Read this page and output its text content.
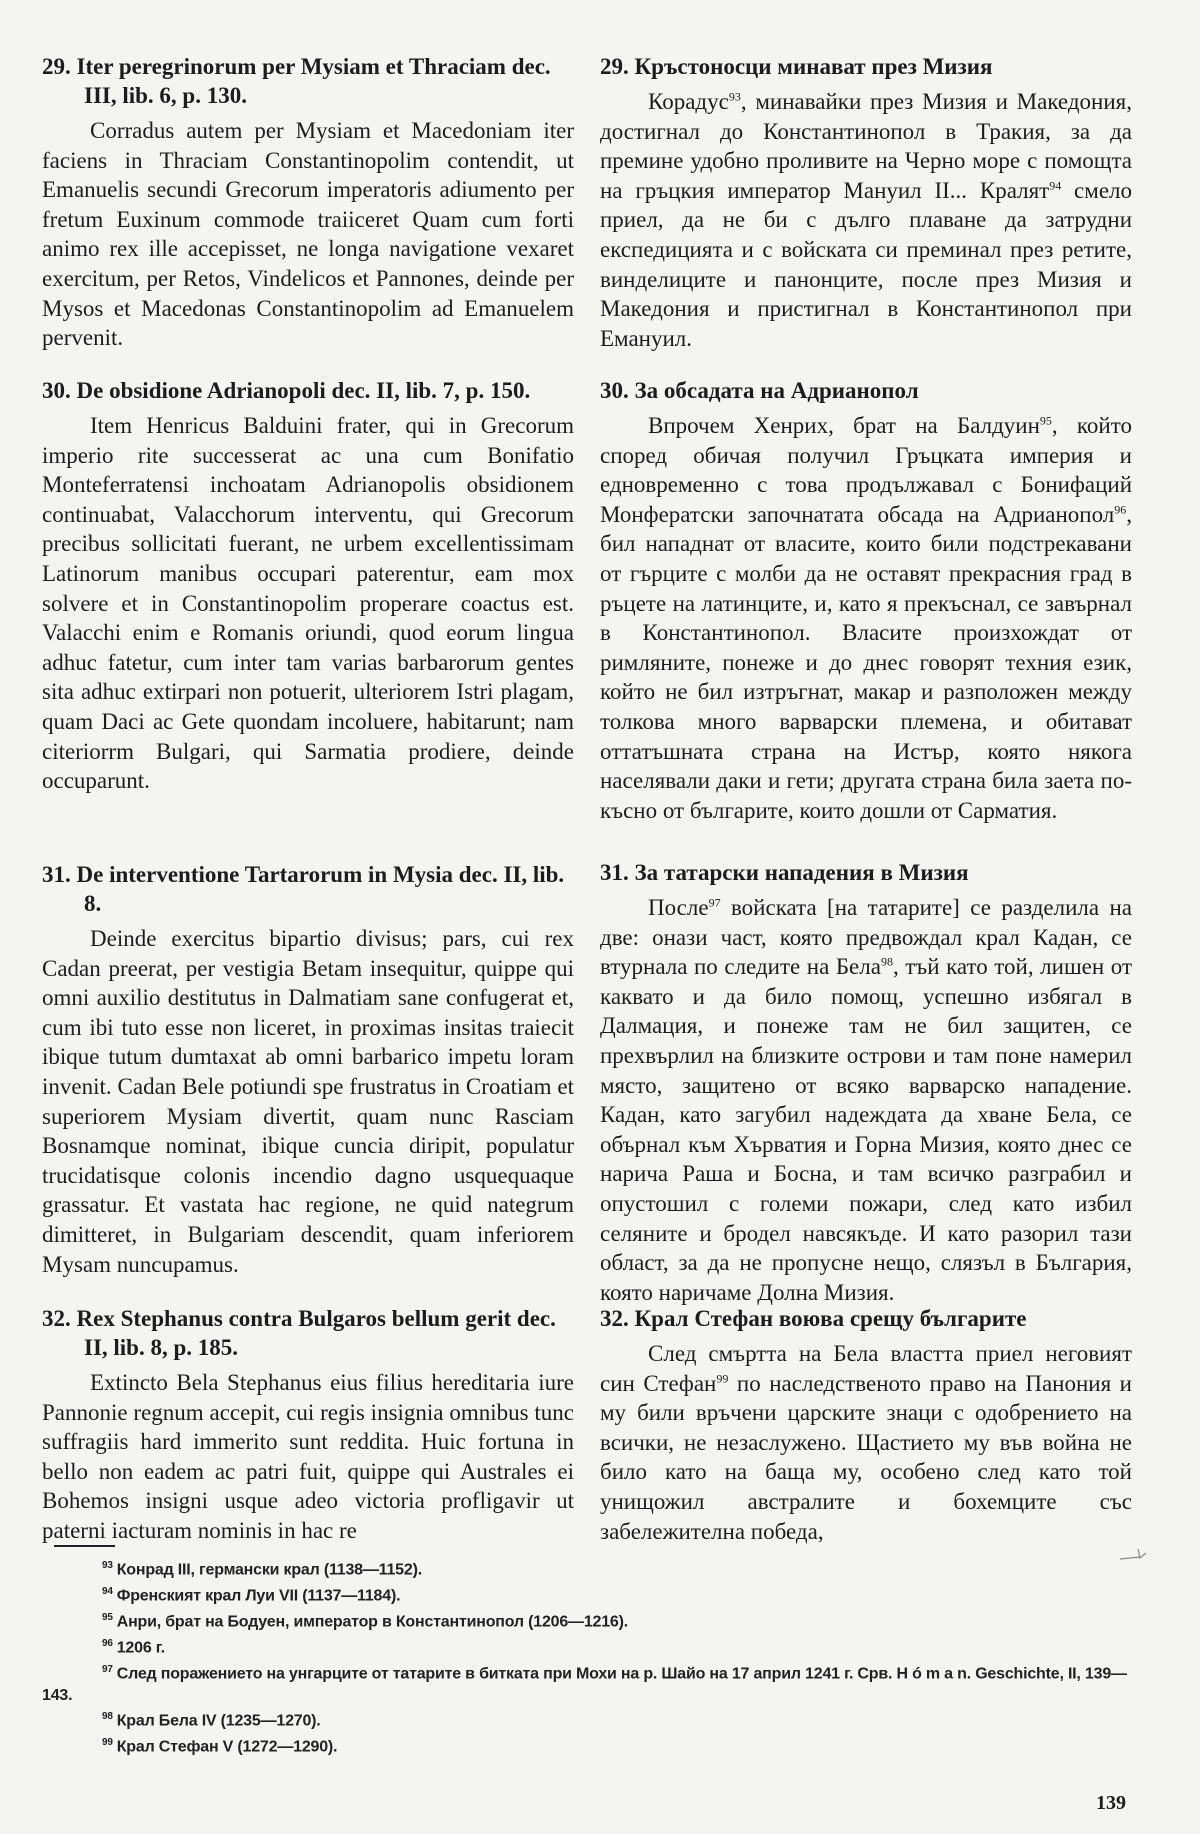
29. Iter peregrinorum per Mysiam et Thraciam dec. III, lib. 6, p. 130.

Corradus autem per Mysiam et Macedoniam iter faciens in Thraciam Constantinopolim contendit, ut Emanuelis secundi Grecorum imperatoris adiumento per fretum Euxinum commode traiiceret Quam cum forti animo rex ille accepisset, ne longa navigatione vexaret exercitum, per Retos, Vindelicos et Pannones, deinde per Mysos et Macedonas Constantinopolim ad Emanuelem pervenit.

30. De obsidione Adrianopoli dec. II, lib. 7, p. 150.

Item Henricus Balduini frater, qui in Grecorum imperio rite successerat ac una cum Bonifatio Monteferratensi inchoatam Adrianopolis obsidionem continuabat, Valacchorum interventu, qui Grecorum precibus sollicitati fuerant, ne urbem excellentissimam Latinorum manibus occupari paterentur, eam mox solvere et in Constantinopolim properare coactus est. Valacchi enim e Romanis oriundi, quod eorum lingua adhuc fatetur, cum inter tam varias barbarorum gentes sita adhuc extirpari non potuerit, ulteriorem Istri plagam, quam Daci ac Gete quondam incoluere, habitarunt; nam citeriorrm Bulgari, qui Sarmatia prodiere, deinde occuparunt.

31. De interventione Tartarorum in Mysia dec. II, lib. 8.

Deinde exercitus bipartio divisus; pars, cui rex Cadan preerat, per vestigia Betam insequitur, quippe qui omni auxilio destitutus in Dalmatiam sane confugerat et, cum ibi tuto esse non liceret, in proximas insitas traiecit ibique tutum dumtaxat ab omni barbarico impetu loram invenit. Cadan Bele potiundi spe frustratus in Croatiam et superiorem Mysiam divertit, quam nunc Rasciam Bosnamque nominat, ibique cuncia diripit, populatur trucidatisque colonis incendio dagno usquequaque grassatur. Et vastata hac regione, ne quid nategrum dimitteret, in Bulgariam descendit, quam inferiorem Mysam nuncupamus.

32. Rex Stephanus contra Bulgaros bellum gerit dec. II, lib. 8, p. 185.

Extincto Bela Stephanus eius filius hereditaria iure Pannonie regnum accepit, cui regis insignia omnibus tunc suffragiis hard immerito sunt reddita. Huic fortuna in bello non eadem ac patri fuit, quippe qui Australes ei Bohemos insigni usque adeo victoria profligavir ut paterni iacturam nominis in hac re

29. Кръстоносци минават през Мизия

Корадус$^{93}$, минавайки през Мизия и Македония, достигнал до Константинопол в Тракия, за да премине удобно проливите на Черно море с помощта на гръцкия император Мануил II... Кралят$^{94}$ смело приел, да не би с дълго плаване да затрудни експедицията и с войската си преминал през ретите, винделиците и панонците, после през Мизия и Македония и пристигнал в Константинопол при Емануил.

30. За обсадата на Адрианопол

Впрочем Хенрих, брат на Балдуин$^{95}$, който според обичая получил Гръцката империя и едновременно с това продължавал с Бонифаций Монфератски започнатата обсада на Адрианопол$^{96}$, бил нападнат от власите, които били подстрекавани от гърците с молби да не оставят прекрасния град в ръцете на латинците, и, като я прекъснал, се завърнал в Константинопол. Власите произхождат от римляните, понеже и до днес говорят техния език, който не бил изтръгнат, макар и разположен между толкова много варварски племена, и обитават оттатъшната страна на Истър, която някога населявали даки и гети; другата страна била заета по-късно от българите, които дошли от Сарматия.

31. За татарски нападения в Мизия

После$^{97}$ войската [на татарите] се разделила на две: онази част, която предвождал крал Кадан, се втурнала по следите на Бела$^{98}$, тъй като той, лишен от каквато и да било помощ, успешно избягал в Далмация, и понеже там не бил защитен, се прехвърлил на близките острови и там поне намерил място, защитено от всяко варварско нападение. Кадан, като загубил надеждата да хване Бела, се обърнал към Хърватия и Горна Мизия, която днес се нарича Раша и Босна, и там всичко разграбил и опустошил с големи пожари, след като избил селяните и бродел навсякъде. И като разорил тази област, за да не пропусне нещо, слязъл в България, която наричаме Долна Мизия.

32. Крал Стефан воюва срещу българите

След смъртта на Бела властта приел неговият син Стефан$^{99}$ по наследственото право на Панония и му били връчени царските знаци с одобрението на всички, не незаслужено. Щастието му във война не било като на баща му, особено след като той унищожил австралите и бохемците със забележителна победа,

$^{93}$ Конрад III, германски крал (1138—1152).
$^{94}$ Френският крал Луи VII (1137—1184).
$^{95}$ Анри, брат на Бодуен, император в Константинопол (1206—1216).
$^{96}$ 1206 г.
$^{97}$ След поражението на унгарците от татарите в битката при Мохи на р. Шайо на 17 април 1241 г. Срв. H ó m a n. Geschichte, II, 139—143.
$^{98}$ Крал Бела IV (1235—1270).
$^{99}$ Крал Стефан V (1272—1290).
139
